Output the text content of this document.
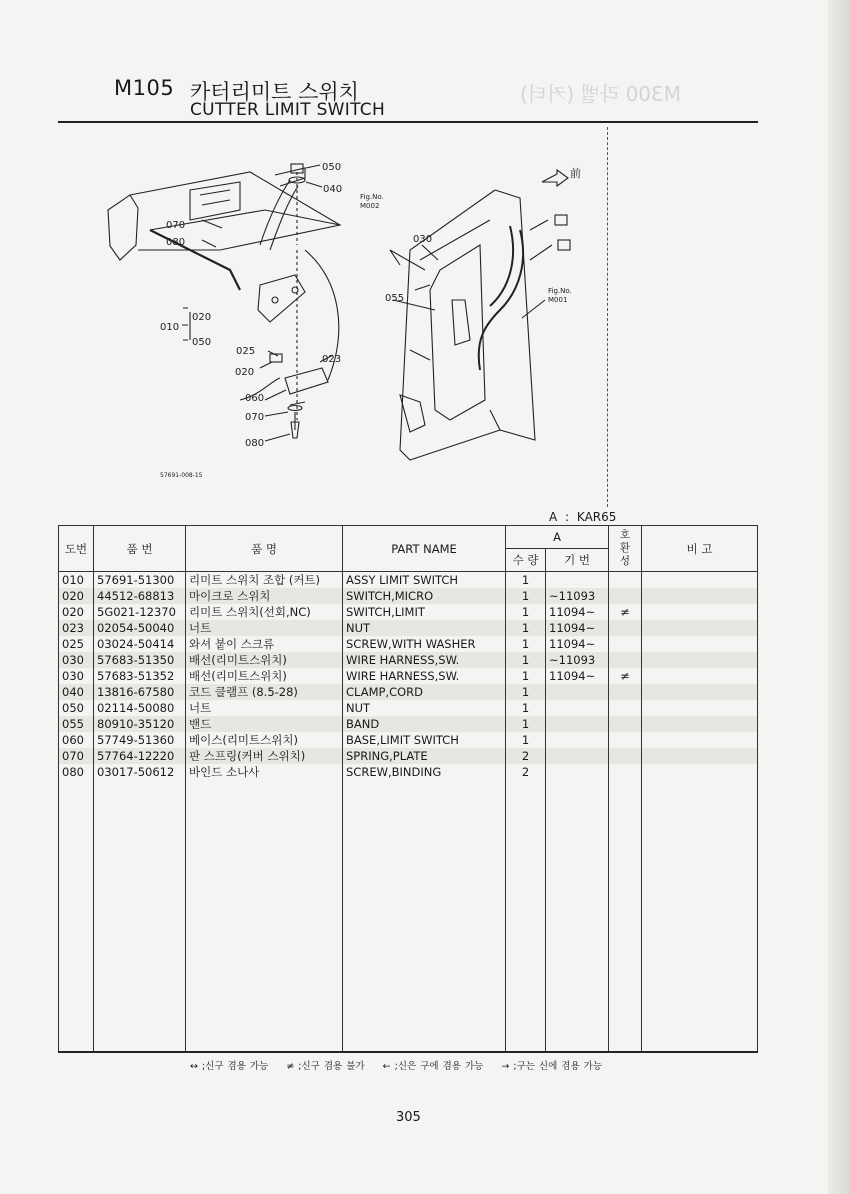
M300 라벨 (커터)
M105 카터리미트 스위치
CUTTER LIMIT SWITCH
050
040
070
080
010
020
050
025
020
023
060
070
080
030
055
前
Fig.No.
M002
Fig.No.
M001
57691-008-15
A : KAR65
도번	품 번	품 명	PART NAME	A		호환성	비 고
				수 량	기 번		
010	57691-51300	리미트 스위치 조합 (커트)	ASSY LIMIT SWITCH	1			
020	44512-68813	마이크로 스위치	SWITCH,MICRO	1	~11093		
020	5G021-12370	리미트 스위치(선회,NC)	SWITCH,LIMIT	1	11094~	≠	
023	02054-50040	너트	NUT	1	11094~		
025	03024-50414	와셔 붙이 스크류	SCREW,WITH WASHER	1	11094~		
030	57683-51350	배선(리미트스위치)	WIRE HARNESS,SW.	1	~11093		
030	57683-51352	배선(리미트스위치)	WIRE HARNESS,SW.	1	11094~	≠	
040	13816-67580	코드 클램프 (8.5-28)	CLAMP,CORD	1			
050	02114-50080	너트	NUT	1			
055	80910-35120	밴드	BAND	1			
060	57749-51360	베이스(리미트스위치)	BASE,LIMIT SWITCH	1			
070	57764-12220	판 스프링(커버 스위치)	SPRING,PLATE	2			
080	03017-50612	바인드 소나사	SCREW,BINDING	2			

↔ ;신구 겸용 가능 ≠ ;신구 겸용 불가 ← ;신은 구에 겸용 가능 → ;구는 신에 겸용 가능
305
